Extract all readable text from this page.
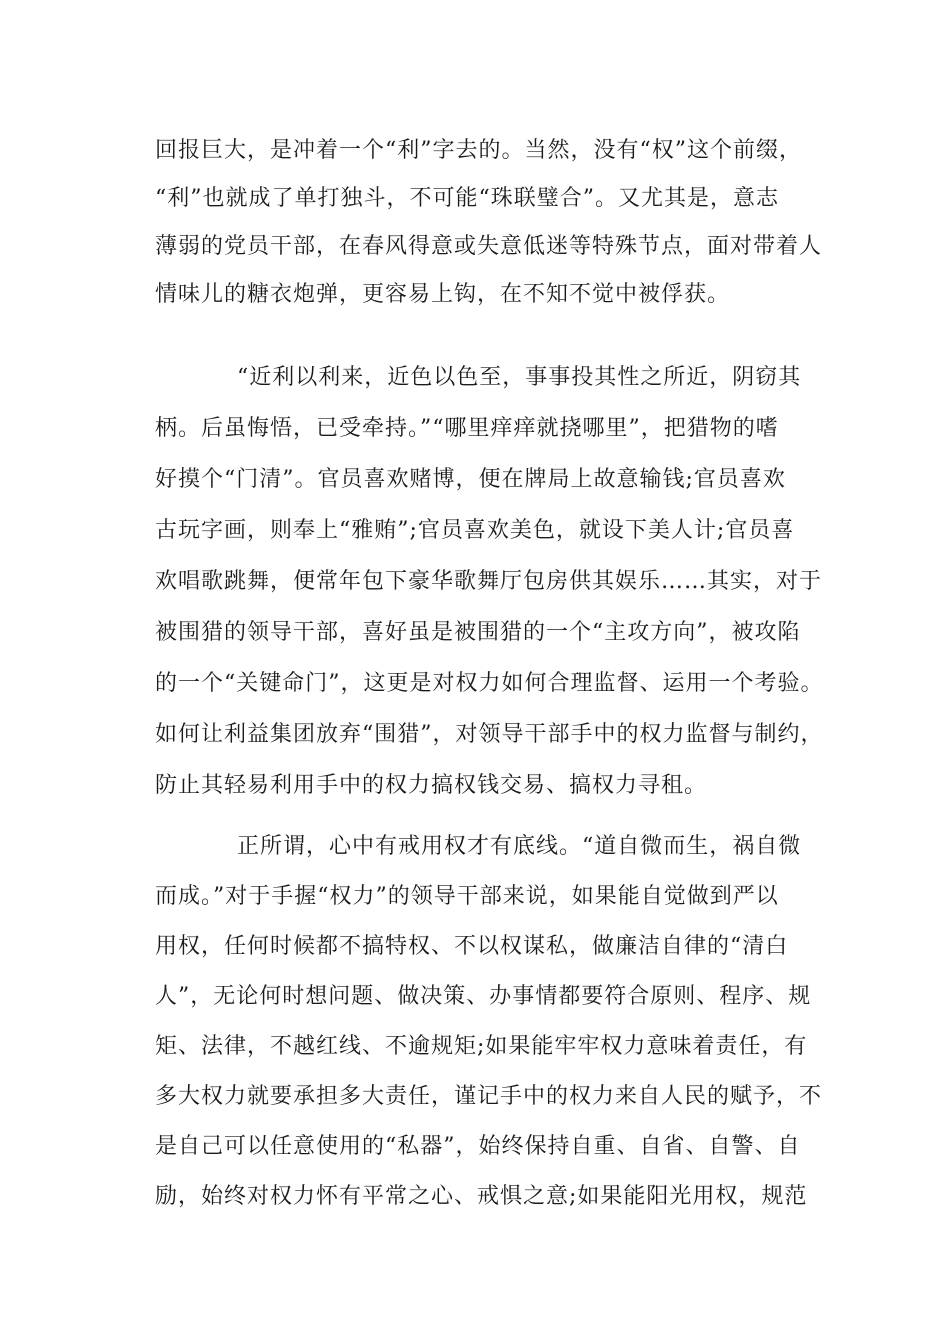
回报巨大，是冲着一个“利”字去的。当然，没有“权”这个前缀，
“利”也就成了单打独斗，不可能“珠联璧合”。又尤其是，意志
薄弱的党员干部，在春风得意或失意低迷等特殊节点，面对带着人
情味儿的糖衣炮弹，更容易上钩，在不知不觉中被俘获。
“近利以利来，近色以色至，事事投其性之所近，阴窃其
柄。后虽悔悟，已受牵持。”“哪里痒痒就挠哪里”，把猎物的嗜
好摸个“门清”。官员喜欢赌博，便在牌局上故意输钱;官员喜欢
古玩字画，则奉上“雅贿”;官员喜欢美色，就设下美人计;官员喜
欢唱歌跳舞，便常年包下豪华歌舞厅包房供其娱乐……其实，对于
被围猎的领导干部，喜好虽是被围猎的一个“主攻方向”，被攻陷
的一个“关键命门”，这更是对权力如何合理监督、运用一个考验。
如何让利益集团放弃“围猎”，对领导干部手中的权力监督与制约，
防止其轻易利用手中的权力搞权钱交易、搞权力寻租。
正所谓，心中有戒用权才有底线。“道自微而生，祸自微
而成。”对于手握“权力”的领导干部来说，如果能自觉做到严以
用权，任何时候都不搞特权、不以权谋私，做廉洁自律的“清白
人”，无论何时想问题、做决策、办事情都要符合原则、程序、规
矩、法律，不越红线、不逾规矩;如果能牢牢权力意味着责任，有
多大权力就要承担多大责任，谨记手中的权力来自人民的赋予，不
是自己可以任意使用的“私器”，始终保持自重、自省、自警、自
励，始终对权力怀有平常之心、戒惧之意;如果能阳光用权，规范
